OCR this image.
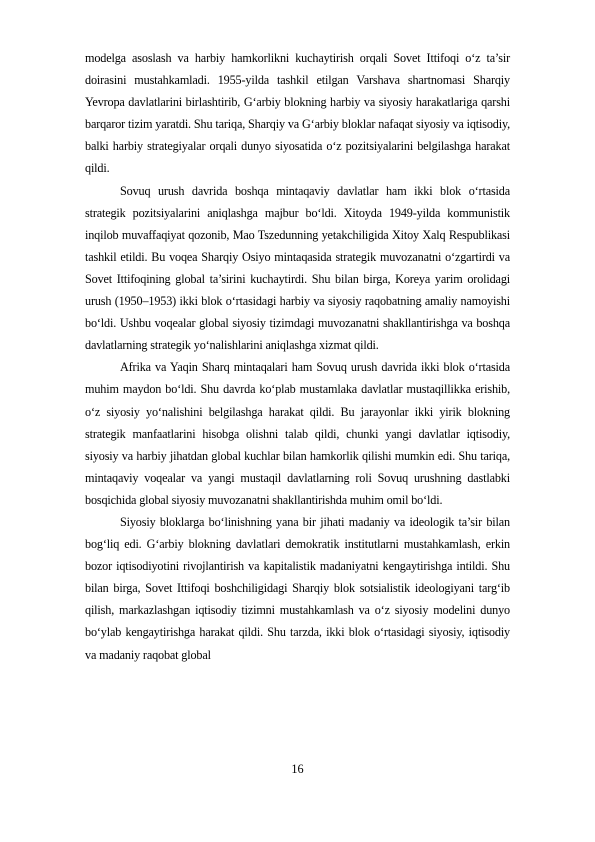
modelga asoslash va harbiy hamkorlikni kuchaytirish orqali Sovet Ittifoqi o‘z ta’sir doirasini mustahkamladi. 1955-yilda tashkil etilgan Varshava shartnomasi Sharqiy Yevropa davlatlarini birlashtirib, G‘arbiy blokning harbiy va siyosiy harakatlariga qarshi barqaror tizim yaratdi. Shu tariqa, Sharqiy va G‘arbiy bloklar nafaqat siyosiy va iqtisodiy, balki harbiy strategiyalar orqali dunyo siyosatida o‘z pozitsiyalarini belgilashga harakat qildi.

Sovuq urush davrida boshqa mintaqaviy davlatlar ham ikki blok o‘rtasida strategik pozitsiyalarini aniqlashga majbur bo‘ldi. Xitoyda 1949-yilda kommunistik inqilob muvaffaqiyat qozonib, Mao Tszedunning yetakchiligida Xitoy Xalq Respublikasi tashkil etildi. Bu voqea Sharqiy Osiyo mintaqasida strategik muvozanatni o‘zgartirdi va Sovet Ittifoqining global ta’sirini kuchaytirdi. Shu bilan birga, Koreya yarim orolidagi urush (1950–1953) ikki blok o‘rtasidagi harbiy va siyosiy raqobatning amaliy namoyishi bo‘ldi. Ushbu voqealar global siyosiy tizimdagi muvozanatni shakllantirishga va boshqa davlatlarning strategik yo‘nalishlarini aniqlashga xizmat qildi.

Afrika va Yaqin Sharq mintaqalari ham Sovuq urush davrida ikki blok o‘rtasida muhim maydon bo‘ldi. Shu davrda ko‘plab mustamlaka davlatlar mustaqillikka erishib, o‘z siyosiy yo‘nalishini belgilashga harakat qildi. Bu jarayonlar ikki yirik blokning strategik manfaatlarini hisobga olishni talab qildi, chunki yangi davlatlar iqtisodiy, siyosiy va harbiy jihatdan global kuchlar bilan hamkorlik qilishi mumkin edi. Shu tariqa, mintaqaviy voqealar va yangi mustaqil davlatlarning roli Sovuq urushning dastlabki bosqichida global siyosiy muvozanatni shakllantirishda muhim omil bo‘ldi.

Siyosiy bloklarga bo‘linishning yana bir jihati madaniy va ideologik ta’sir bilan bog‘liq edi. G‘arbiy blokning davlatlari demokratik institutlarni mustahkamlash, erkin bozor iqtisodiyotini rivojlantirish va kapitalistik madaniyatni kengaytirishga intildi. Shu bilan birga, Sovet Ittifoqi boshchiligidagi Sharqiy blok sotsialistik ideologiyani targ‘ib qilish, markazlashgan iqtisodiy tizimni mustahkamlash va o‘z siyosiy modelini dunyo bo‘ylab kengaytirishga harakat qildi. Shu tarzda, ikki blok o‘rtasidagi siyosiy, iqtisodiy va madaniy raqobat global

16
